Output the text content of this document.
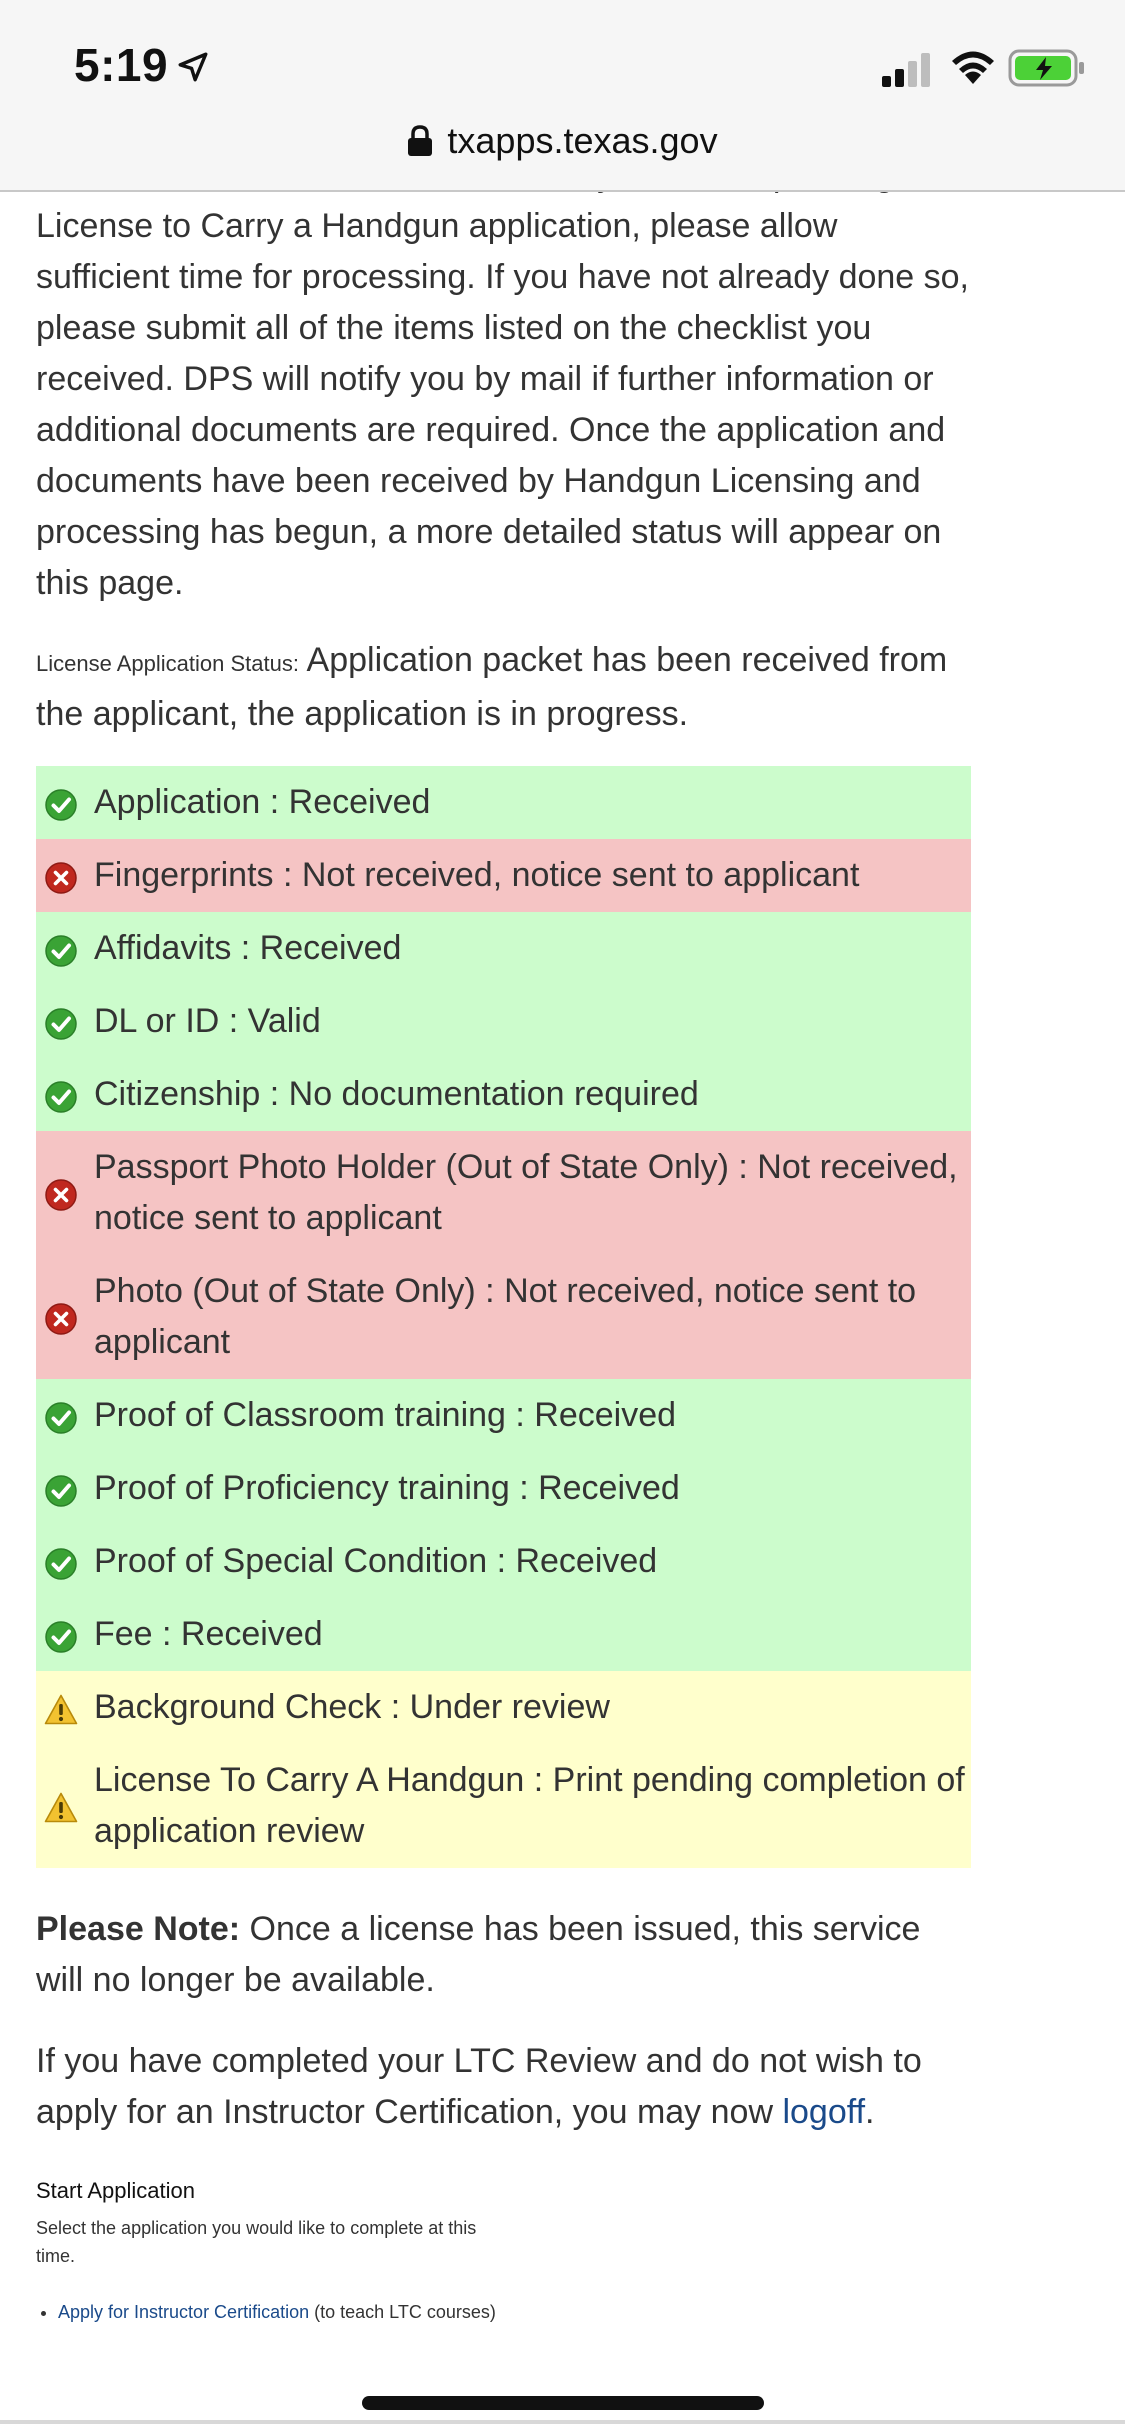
5:19
txapps.texas.gov

License to Carry a Handgun application, please allow sufficient time for processing. If you have not already done so, please submit all of the items listed on the checklist you received. DPS will notify you by mail if further information or additional documents are required. Once the application and documents have been received by Handgun Licensing and processing has begun, a more detailed status will appear on this page.

License Application Status: Application packet has been received from the applicant, the application is in progress.

Application : Received
Fingerprints : Not received, notice sent to applicant
Affidavits : Received
DL or ID : Valid
Citizenship : No documentation required
Passport Photo Holder (Out of State Only) : Not received, notice sent to applicant
Photo (Out of State Only) : Not received, notice sent to applicant
Proof of Classroom training : Received
Proof of Proficiency training : Received
Proof of Special Condition : Received
Fee : Received
Background Check : Under review
License To Carry A Handgun : Print pending completion of application review

Please Note: Once a license has been issued, this service will no longer be available.

If you have completed your LTC Review and do not wish to apply for an Instructor Certification, you may now logoff.

Start Application
Select the application you would like to complete at this time.
• Apply for Instructor Certification (to teach LTC courses)
